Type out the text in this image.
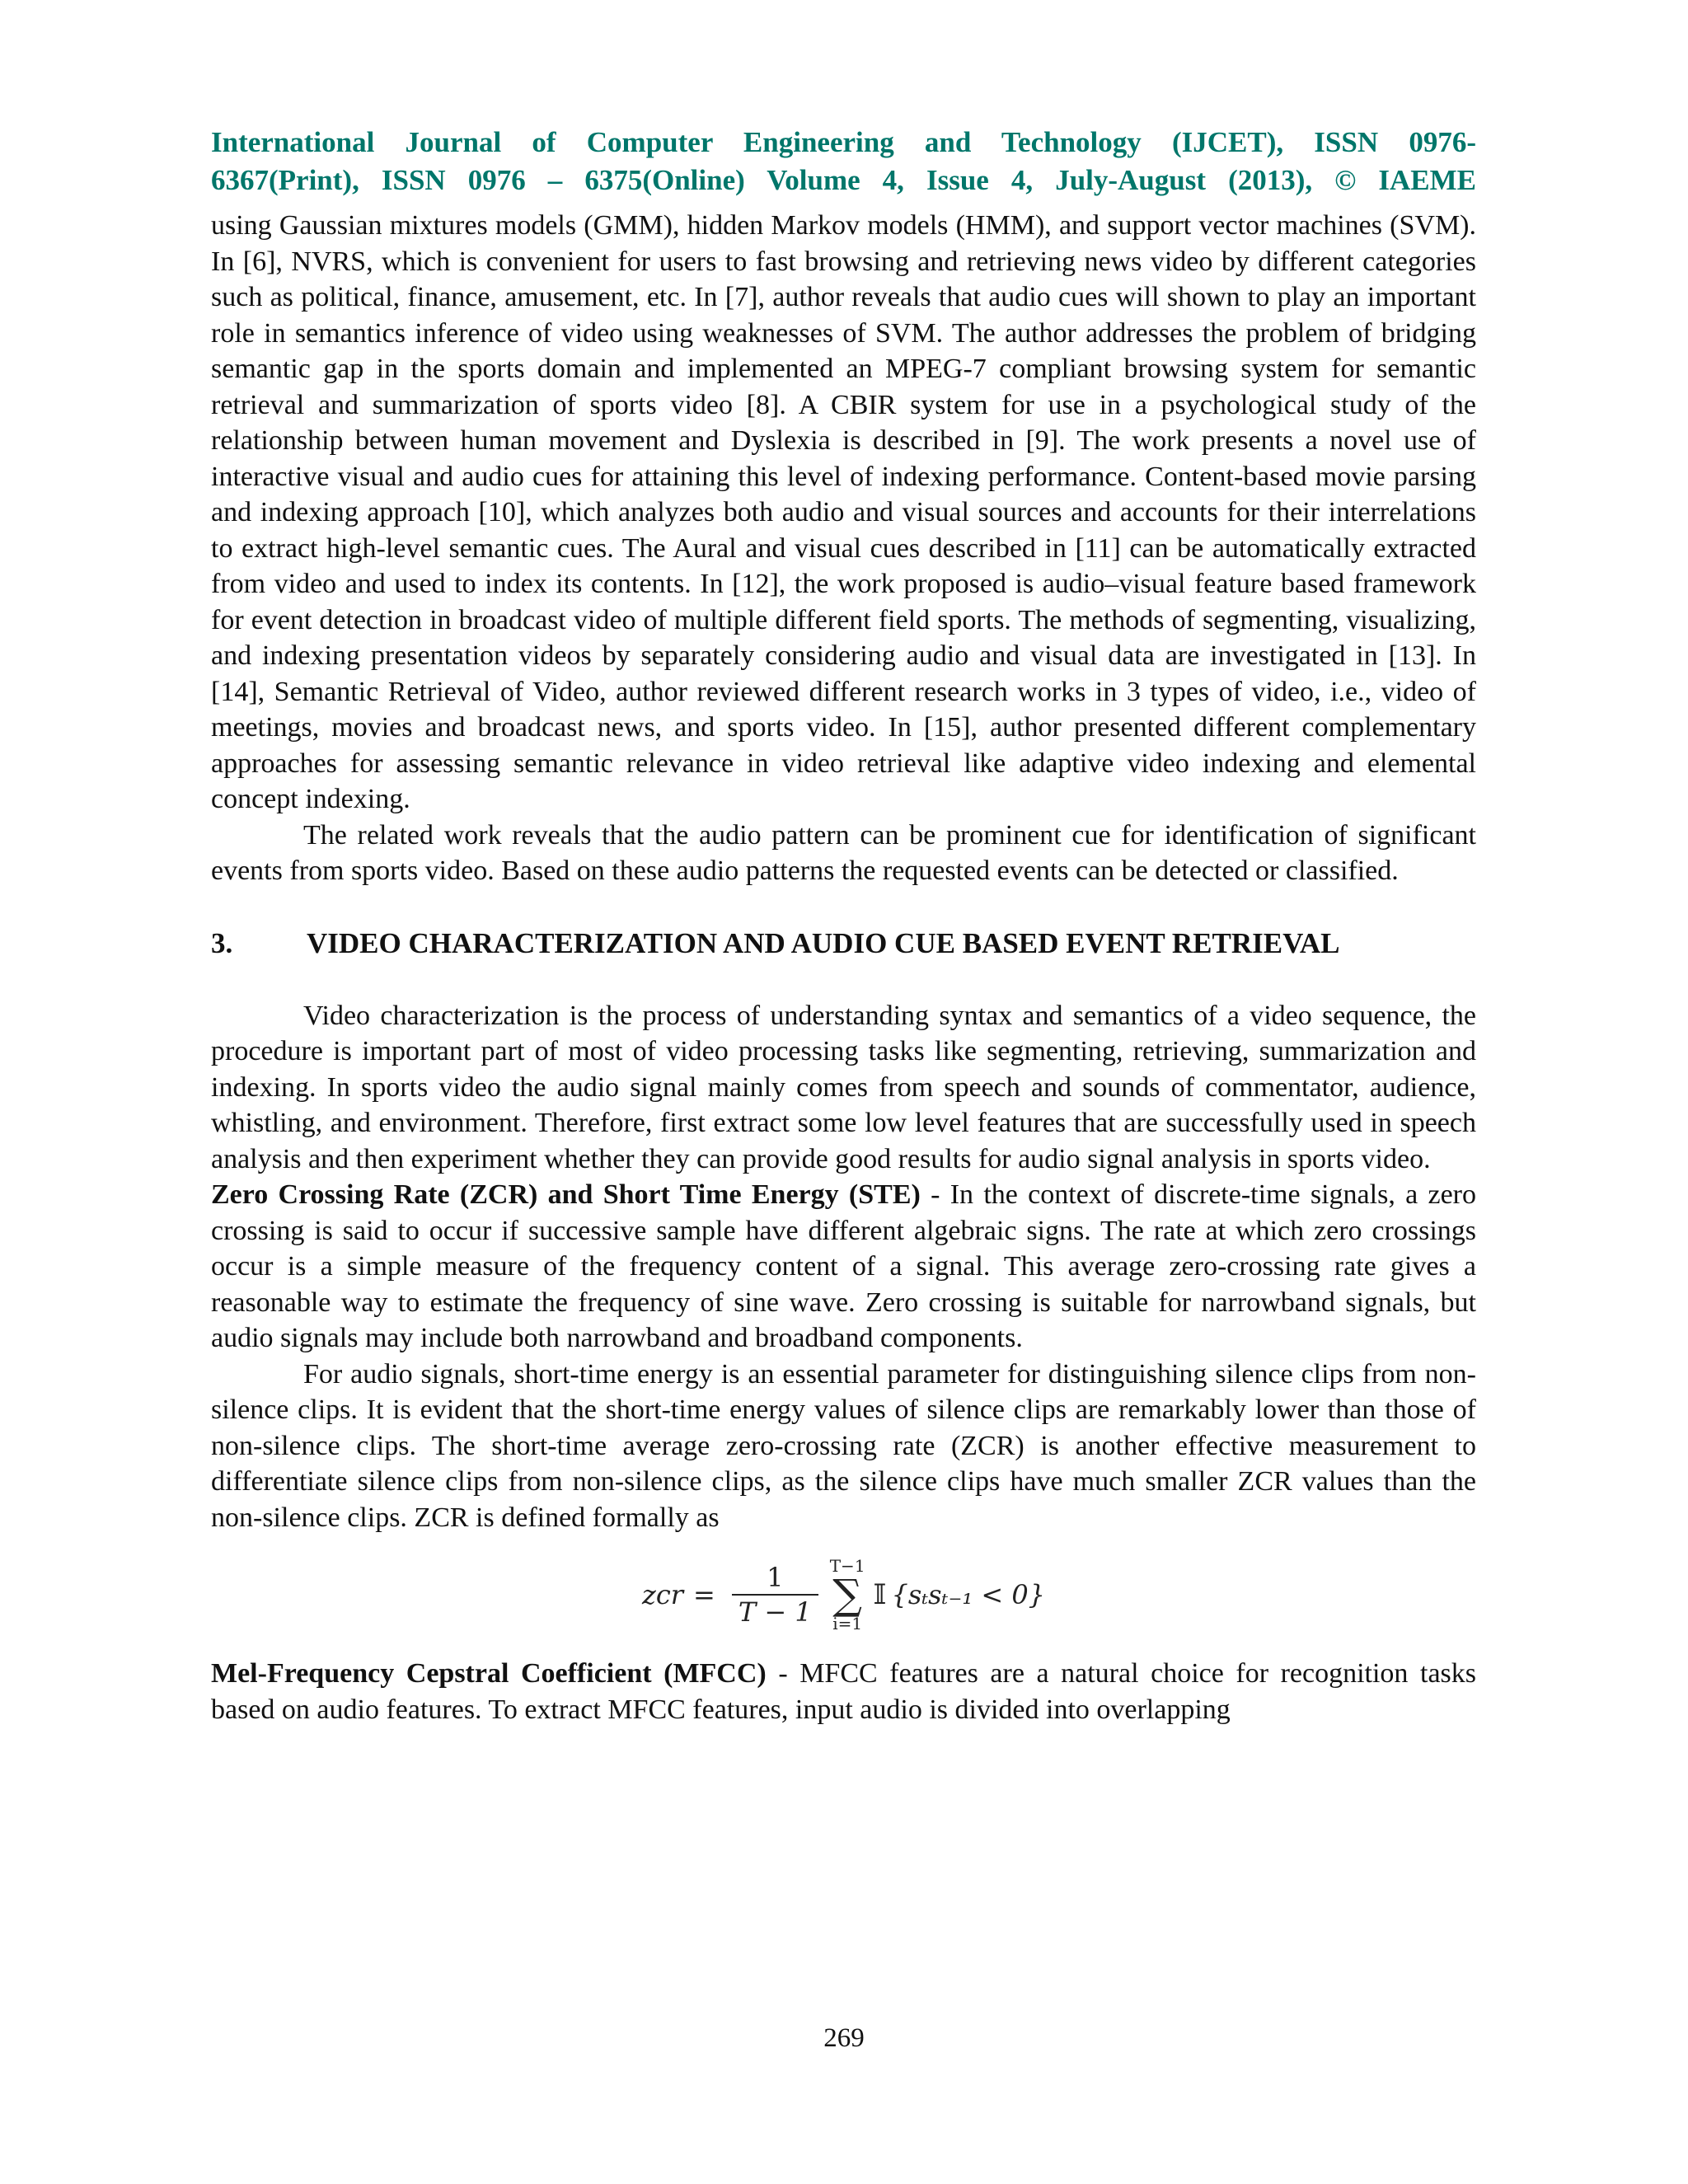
International Journal of Computer Engineering and Technology (IJCET), ISSN 0976-

6367(Print), ISSN 0976 – 6375(Online) Volume 4, Issue 4, July-August (2013), © IAEME

using Gaussian mixtures models (GMM), hidden Markov models (HMM), and support vector machines (SVM). In [6], NVRS, which is convenient for users to fast browsing and retrieving news video by different categories such as political, finance, amusement, etc. In [7], author reveals that audio cues will shown to play an important role in semantics inference of video using weaknesses of SVM. The author addresses the problem of bridging semantic gap in the sports domain and implemented an MPEG-7 compliant browsing system for semantic retrieval and summarization of sports video [8]. A CBIR system for use in a psychological study of the relationship between human movement and Dyslexia is described in [9]. The work presents a novel use of interactive visual and audio cues for attaining this level of indexing performance. Content-based movie parsing and indexing approach [10], which analyzes both audio and visual sources and accounts for their interrelations to extract high-level semantic cues. The Aural and visual cues described in [11] can be automatically extracted from video and used to index its contents. In [12], the work proposed is audio–visual feature based framework for event detection in broadcast video of multiple different field sports. The methods of segmenting, visualizing, and indexing presentation videos by separately considering audio and visual data are investigated in [13]. In [14], Semantic Retrieval of Video, author reviewed different research works in 3 types of video, i.e., video of meetings, movies and broadcast news, and sports video. In [15], author presented different complementary approaches for assessing semantic relevance in video retrieval like adaptive video indexing and elemental concept indexing.

The related work reveals that the audio pattern can be prominent cue for identification of significant events from sports video. Based on these audio patterns the requested events can be detected or classified.

3.	VIDEO CHARACTERIZATION AND AUDIO CUE BASED EVENT RETRIEVAL

Video characterization is the process of understanding syntax and semantics of a video sequence, the procedure is important part of most of video processing tasks like segmenting, retrieving, summarization and indexing. In sports video the audio signal mainly comes from speech and sounds of commentator, audience, whistling, and environment. Therefore, first extract some low level features that are successfully used in speech analysis and then experiment whether they can provide good results for audio signal analysis in sports video.

Zero Crossing Rate (ZCR) and Short Time Energy (STE) - In the context of discrete-time signals, a zero crossing is said to occur if successive sample have different algebraic signs. The rate at which zero crossings occur is a simple measure of the frequency content of a signal. This average zero-crossing rate gives a reasonable way to estimate the frequency of sine wave. Zero crossing is suitable for narrowband signals, but audio signals may include both narrowband and broadband components.

For audio signals, short-time energy is an essential parameter for distinguishing silence clips from non-silence clips. It is evident that the short-time energy values of silence clips are remarkably lower than those of non-silence clips. The short-time average zero-crossing rate (ZCR) is another effective measurement to differentiate silence clips from non-silence clips, as the silence clips have much smaller ZCR values than the non-silence clips. ZCR is defined formally as

zcr = $\frac{1}{T - 1} T-1$
∑
i=1
𝕀 {sₜsₜ₋₁ < 0}

Mel-Frequency Cepstral Coefficient (MFCC) - MFCC features are a natural choice for recognition tasks based on audio features. To extract MFCC features, input audio is divided into overlapping

269
